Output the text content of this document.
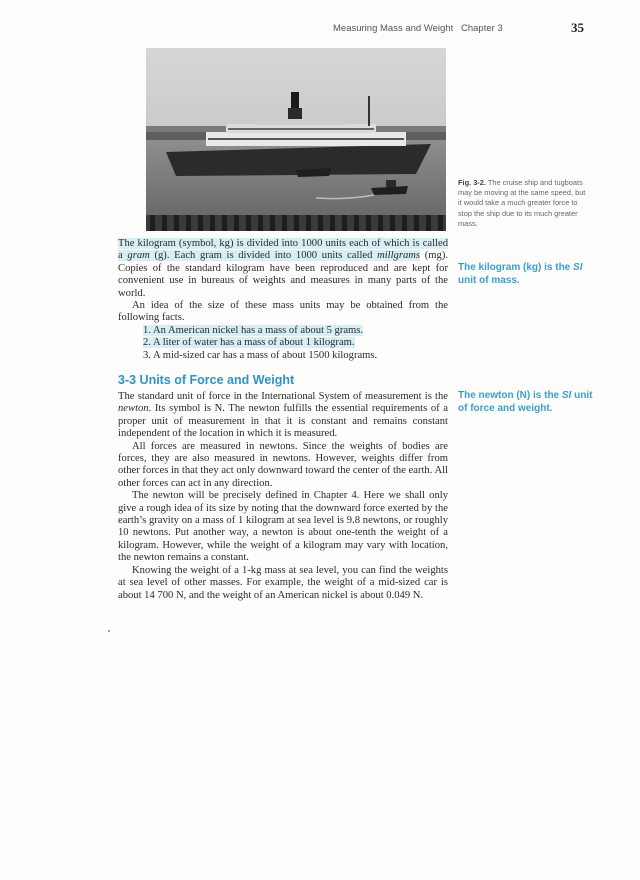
Measuring Mass and Weight Chapter 3	35
Fig. 3-2. The cruise ship and tugboats may be moving at the same speed, but it would take a much greater force to stop the ship due to its much greater mass.

The kilogram (symbol, kg) is divided into 1000 units each of which is called a gram (g). Each gram is divided into 1000 units called millgrams (mg). Copies of the standard kilogram have been reproduced and are kept for convenient use in bureaus of weights and measures in many parts of the world.

An idea of the size of these mass units may be obtained from the following facts.

1. An American nickel has a mass of about 5 grams.
2. A liter of water has a mass of about 1 kilogram.
3. A mid-sized car has a mass of about 1500 kilograms.
The kilogram (kg) is the SI unit of mass.
3-3 Units of Force and Weight
The newton (N) is the SI unit of force and weight.

The standard unit of force in the International System of measurement is the newton. Its symbol is N. The newton fulfills the essential requirements of a proper unit of measurement in that it is constant and remains constant independent of the location in which it is measured.

All forces are measured in newtons. Since the weights of bodies are forces, they are also measured in newtons. However, weights differ from other forces in that they act only downward toward the center of the earth. All other forces can act in any direction.

The newton will be precisely defined in Chapter 4. Here we shall only give a rough idea of its size by noting that the downward force exerted by the earth’s gravity on a mass of 1 kilogram at sea level is 9.8 newtons, or roughly 10 newtons. Put another way, a newton is about one-tenth the weight of a kilogram. However, while the weight of a kilogram may vary with location, the newton remains a constant.

Knowing the weight of a 1-kg mass at sea level, you can find the weights at sea level of other masses. For example, the weight of a mid-sized car is about 14 700 N, and the weight of an American nickel is about 0.049 N.
